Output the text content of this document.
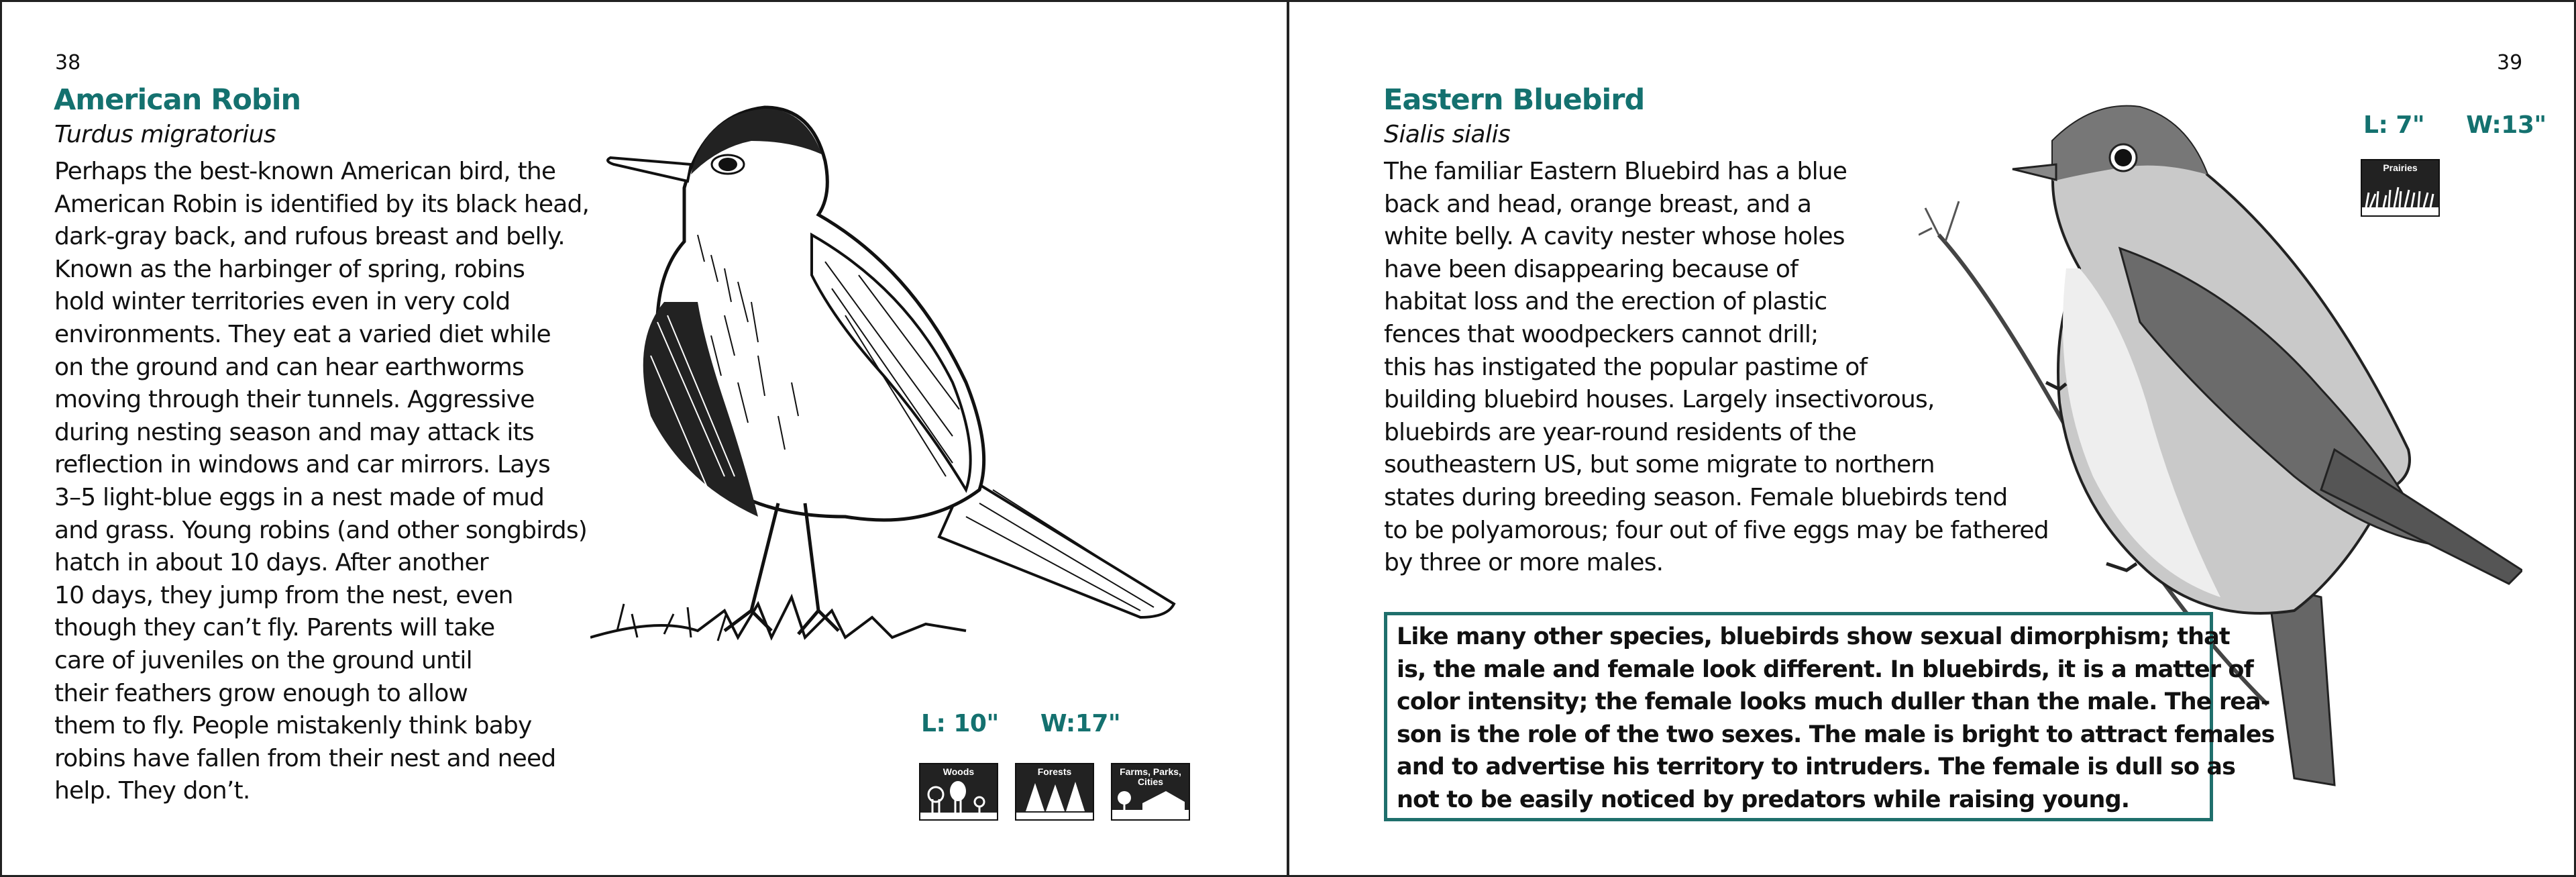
38
American Robin
Turdus migratorius
Perhaps the best-known American bird, the
American Robin is identified by its black head,
dark-gray back, and rufous breast and belly.
Known as the harbinger of spring, robins
hold winter territories even in very cold
environments. They eat a varied diet while
on the ground and can hear earthworms
moving through their tunnels. Aggressive
during nesting season and may attack its
reflection in windows and car mirrors. Lays
3–5 light-blue eggs in a nest made of mud
and grass. Young robins (and other songbirds)
hatch in about 10 days. After another
10 days, they jump from the nest, even
though they can’t fly. Parents will take
care of juveniles on the ground until
their feathers grow enough to allow
them to fly. People mistakenly think baby
robins have fallen from their nest and need
help. They don’t.
L: 10" W:17"
Woods	Forests	Farms, Parks, Cities
39
Eastern Bluebird
Sialis sialis
The familiar Eastern Bluebird has a blue
back and head, orange breast, and a
white belly. A cavity nester whose holes
have been disappearing because of
habitat loss and the erection of plastic
fences that woodpeckers cannot drill;
this has instigated the popular pastime of
building bluebird houses. Largely insectivorous,
bluebirds are year-round residents of the
southeastern US, but some migrate to northern
states during breeding season. Female bluebirds tend
to be polyamorous; four out of five eggs may be fathered
by three or more males.
L: 7" W:13"
Prairies
Like many other species, bluebirds show sexual dimorphism; that
is, the male and female look different. In bluebirds, it is a matter of
color intensity; the female looks much duller than the male. The rea-
son is the role of the two sexes. The male is bright to attract females
and to advertise his territory to intruders. The female is dull so as
not to be easily noticed by predators while raising young.
